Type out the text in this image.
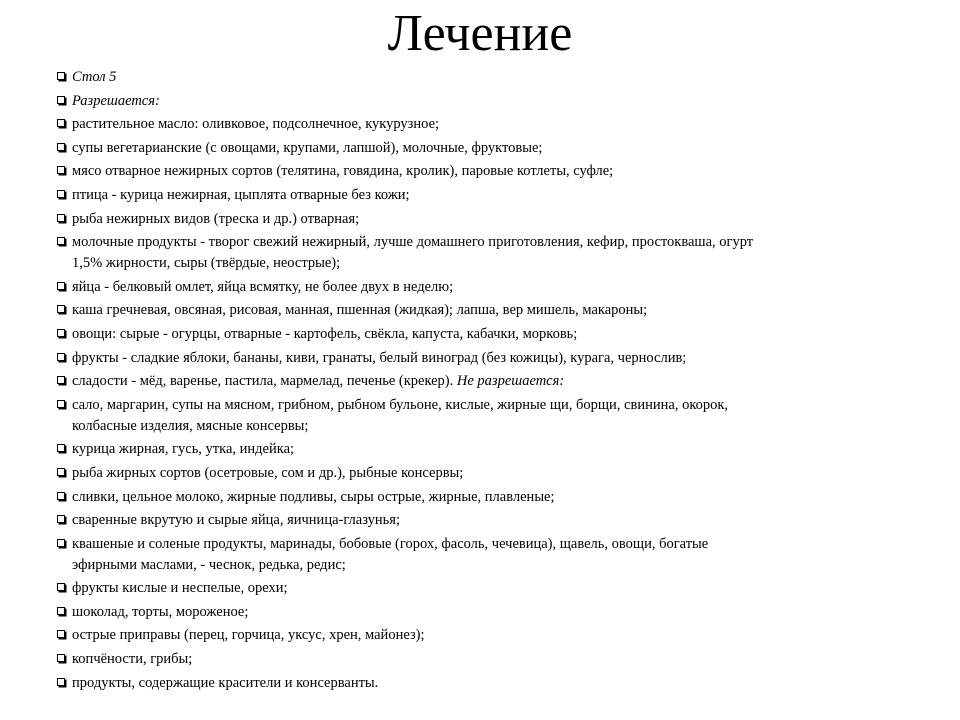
Лечение
Стол 5
Разрешается:
растительное масло: оливковое, подсолнечное, кукурузное;
супы вегетарианские (с овощами, крупами, лапшой), молочные, фруктовые;
мясо отварное нежирных сортов (телятина, говядина, кролик), паровые котлеты, суфле;
птица - курица нежирная, цыплята отварные без кожи;
рыба нежирных видов (треска и др.) отварная;
молочные продукты - творог свежий нежирный, лучше домашнего приготовления, кефир, простокваша, огурт
1,5% жирности, сыры (твёрдые, неострые);
яйца - белковый омлет, яйца всмятку, не более двух в неделю;
каша гречневая, овсяная, рисовая, манная, пшенная (жидкая); лапша, вер мишель, макароны;
овощи: сырые - огурцы, отварные - картофель, свёкла, капуста, кабачки, морковь;
фрукты - сладкие яблоки, бананы, киви, гранаты, белый виноград (без кожицы), курага, чернослив;
сладости - мёд, варенье, пастила, мармелад, печенье (крекер). Не разрешается:
сало, маргарин, супы на мясном, грибном, рыбном бульоне, кислые, жирные щи, борщи, свинина, окорок,
колбасные изделия, мясные консервы;
курица жирная, гусь, утка, индейка;
рыба жирных сортов (осетровые, сом и др.), рыбные консервы;
сливки, цельное молоко, жирные подливы, сыры острые, жирные, плавленые;
сваренные вкрутую и сырые яйца, яичница-глазунья;
квашеные и соленые продукты, маринады, бобовые (горох, фасоль, чечевица), щавель, овощи, богатые
эфирными маслами, - чеснок, редька, редис;
фрукты кислые и неспелые, орехи;
шоколад, торты, мороженое;
острые приправы (перец, горчица, уксус, хрен, майонез);
копчёности, грибы;
продукты, содержащие красители и консерванты.
